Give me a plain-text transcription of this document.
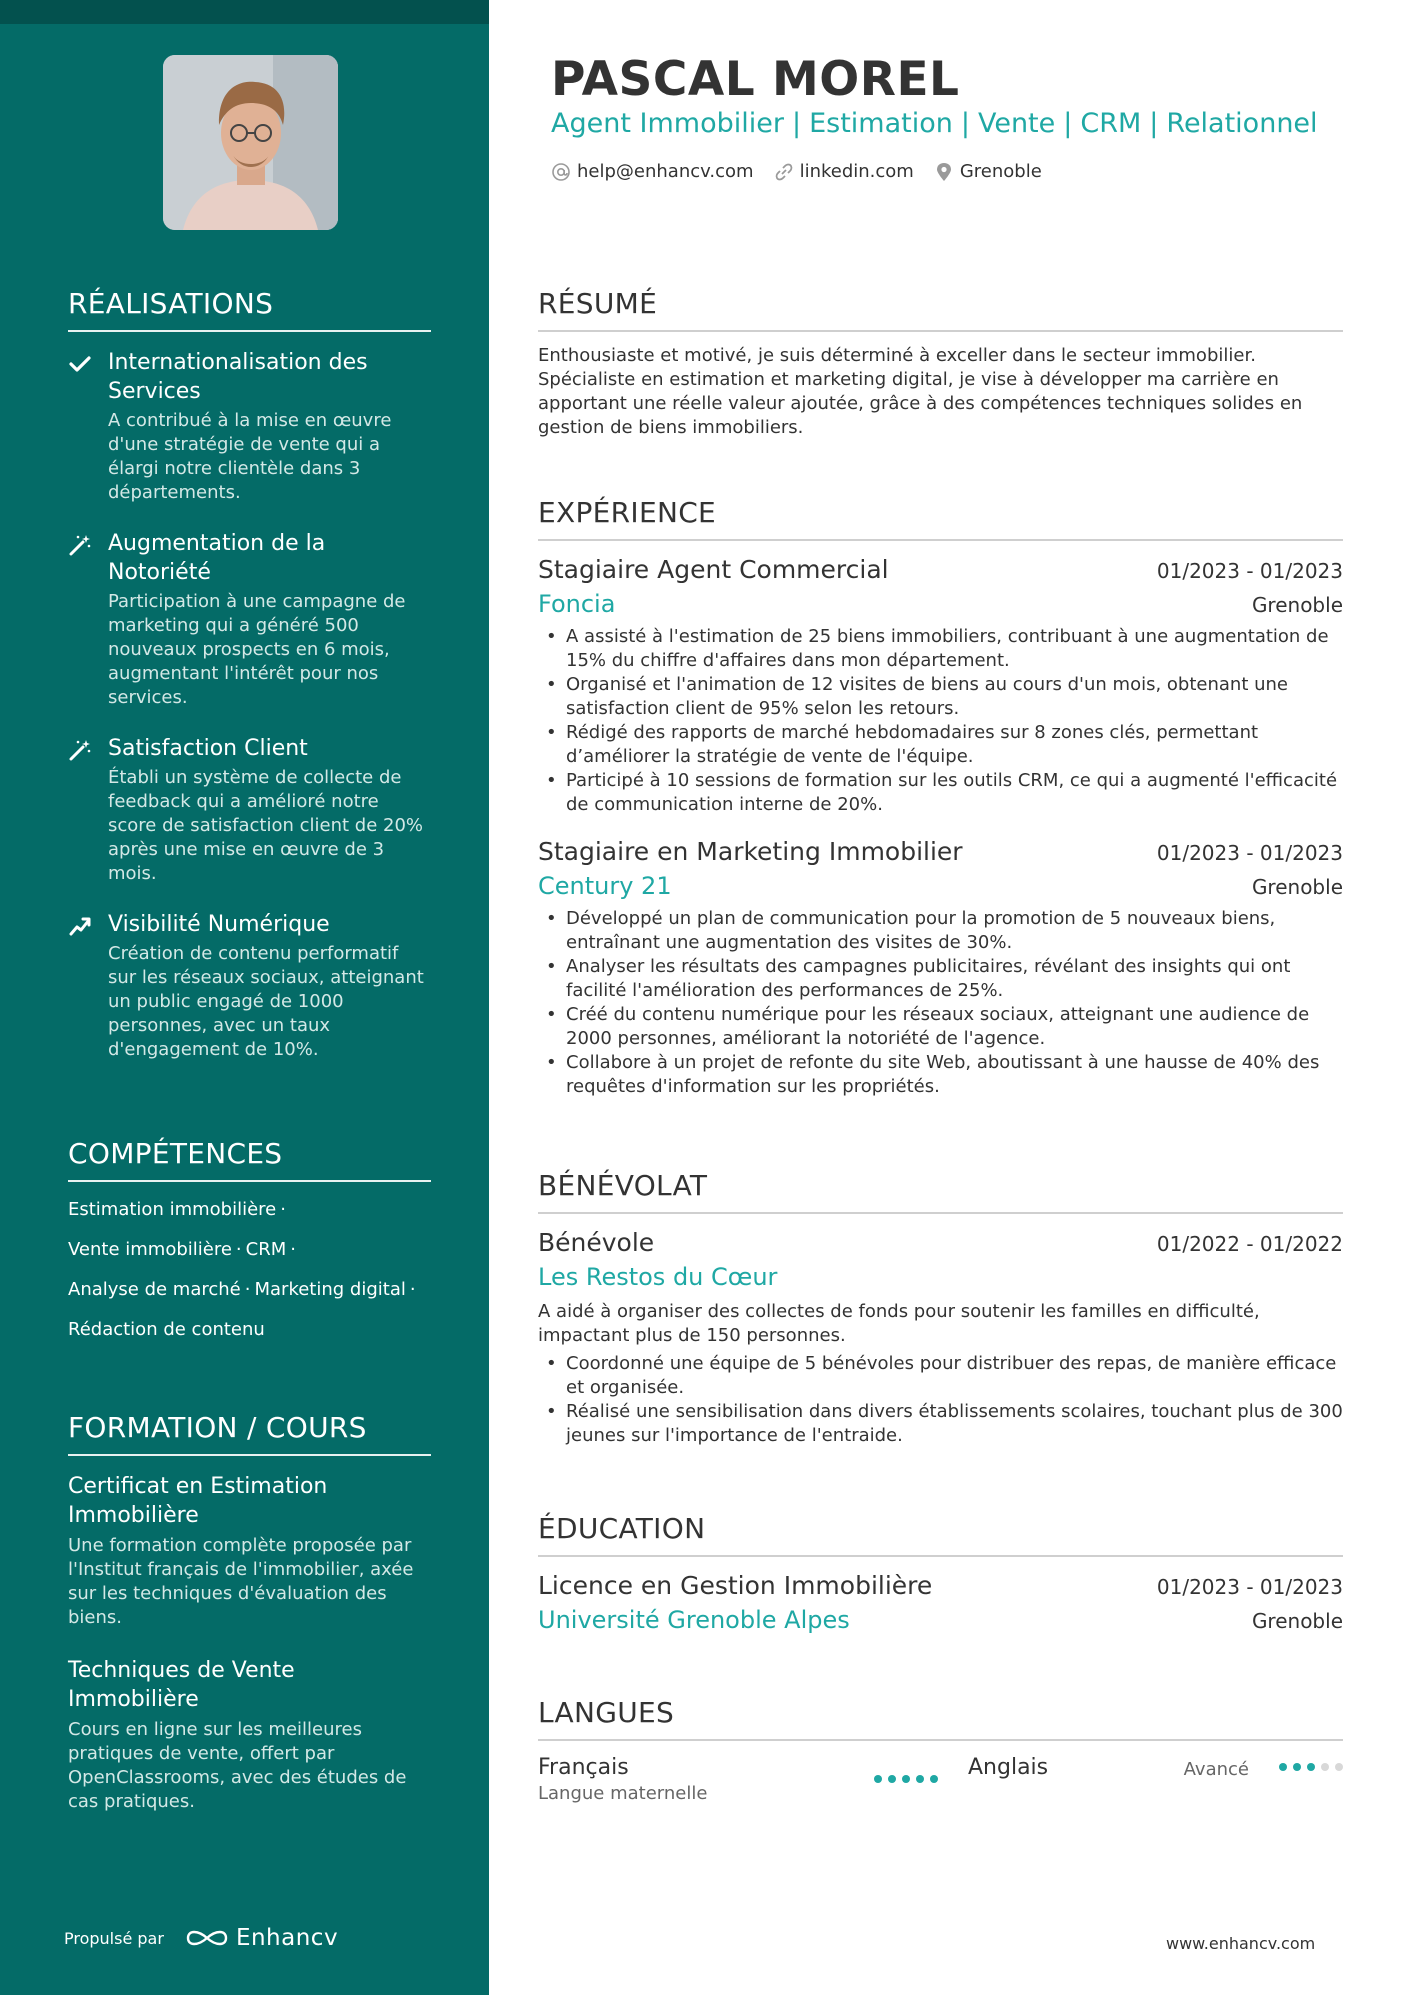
RÉALISATIONS
Internationalisation des Services
A contribué à la mise en œuvre d'une stratégie de vente qui a élargi notre clientèle dans 3 départements.
Augmentation de la Notoriété
Participation à une campagne de marketing qui a généré 500 nouveaux prospects en 6 mois, augmentant l'intérêt pour nos services.
Satisfaction Client
Établi un système de collecte de feedback qui a amélioré notre score de satisfaction client de 20% après une mise en œuvre de 3 mois.
Visibilité Numérique
Création de contenu performatif sur les réseaux sociaux, atteignant un public engagé de 1000 personnes, avec un taux d'engagement de 10%.
COMPÉTENCES
Estimation immobilière ·
Vente immobilière · CRM ·
Analyse de marché · Marketing digital ·
Rédaction de contenu
FORMATION / COURS
Certificat en Estimation Immobilière
Une formation complète proposée par l'Institut français de l'immobilier, axée sur les techniques d'évaluation des biens.
Techniques de Vente Immobilière
Cours en ligne sur les meilleures pratiques de vente, offert par OpenClassrooms, avec des études de cas pratiques.
Propulsé par	Enhancv
PASCAL MOREL
Agent Immobilier | Estimation | Vente | CRM | Relationnel
help@enhancv.com	linkedin.com	Grenoble
RÉSUMÉ
Enthousiaste et motivé, je suis déterminé à exceller dans le secteur immobilier. Spécialiste en estimation et marketing digital, je vise à développer ma carrière en apportant une réelle valeur ajoutée, grâce à des compétences techniques solides en gestion de biens immobiliers.
EXPÉRIENCE
Stagiaire Agent Commercial	01/2023 - 01/2023
Foncia	Grenoble
• A assisté à l'estimation de 25 biens immobiliers, contribuant à une augmentation de 15% du chiffre d'affaires dans mon département.
• Organisé et l'animation de 12 visites de biens au cours d'un mois, obtenant une satisfaction client de 95% selon les retours.
• Rédigé des rapports de marché hebdomadaires sur 8 zones clés, permettant d’améliorer la stratégie de vente de l'équipe.
• Participé à 10 sessions de formation sur les outils CRM, ce qui a augmenté l'efficacité de communication interne de 20%.
Stagiaire en Marketing Immobilier	01/2023 - 01/2023
Century 21	Grenoble
• Développé un plan de communication pour la promotion de 5 nouveaux biens, entraînant une augmentation des visites de 30%.
• Analyser les résultats des campagnes publicitaires, révélant des insights qui ont facilité l'amélioration des performances de 25%.
• Créé du contenu numérique pour les réseaux sociaux, atteignant une audience de 2000 personnes, améliorant la notoriété de l'agence.
• Collabore à un projet de refonte du site Web, aboutissant à une hausse de 40% des requêtes d'information sur les propriétés.
BÉNÉVOLAT
Bénévole	01/2022 - 01/2022
Les Restos du Cœur
A aidé à organiser des collectes de fonds pour soutenir les familles en difficulté, impactant plus de 150 personnes.
• Coordonné une équipe de 5 bénévoles pour distribuer des repas, de manière efficace et organisée.
• Réalisé une sensibilisation dans divers établissements scolaires, touchant plus de 300 jeunes sur l'importance de l'entraide.
ÉDUCATION
Licence en Gestion Immobilière	01/2023 - 01/2023
Université Grenoble Alpes	Grenoble
LANGUES
Français
Langue maternelle
Anglais	Avancé
www.enhancv.com
